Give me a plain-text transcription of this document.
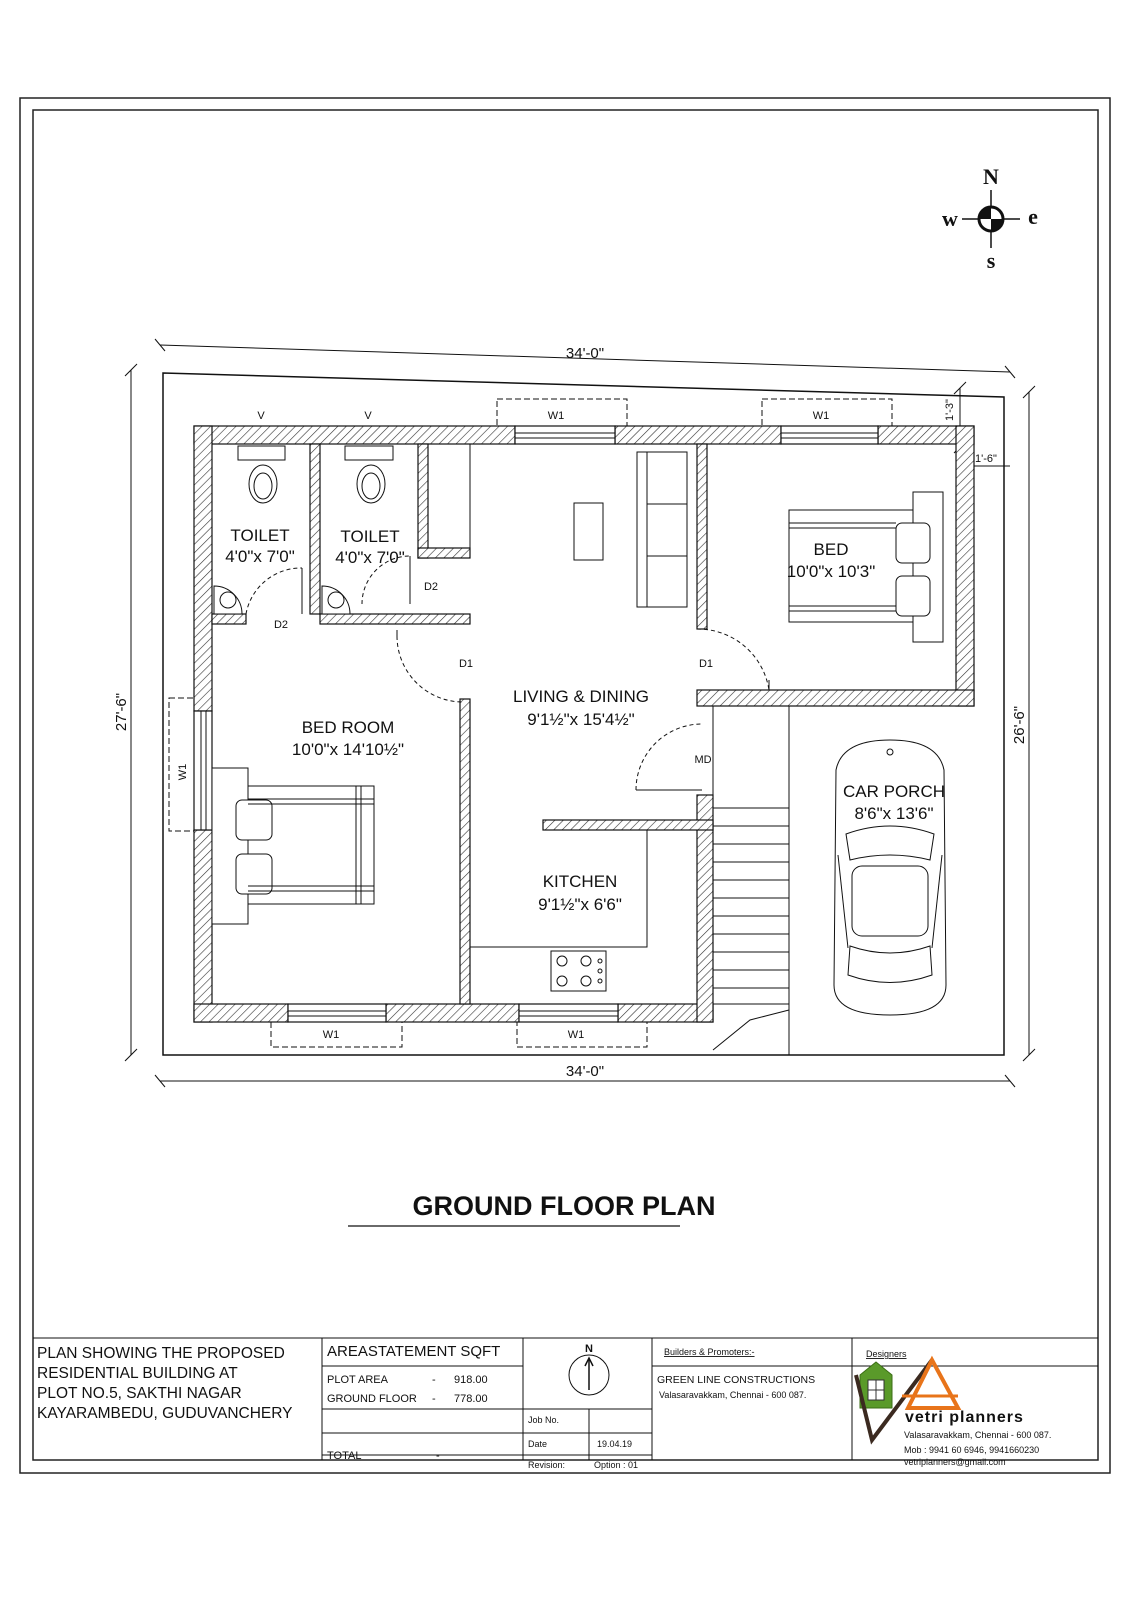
N
s
w	e
34'-0"
34'-0"
27'-6"	26'-6"
1'-3"
1'-6"
TOILET
4'0"x 7'0"
TOILET
4'0"x 7'0"	BED
10'0"x 10'3"
BED ROOM
10'0"x 14'10½"
LIVING & DINING
9'1½"x 15'4½"
KITCHEN
9'1½"x 6'6"
CAR PORCH
8'6"x 13'6"
V	V	W1	W1
W1
W1	W1
D2
D2
D1	D1
MD
GROUND FLOOR PLAN
PLAN SHOWING THE PROPOSED
RESIDENTIAL BUILDING AT
PLOT NO.5, SAKTHI NAGAR
KAYARAMBEDU, GUDUVANCHERY
AREASTATEMENT SQFT
PLOT AREA	- 918.00
GROUND FLOOR - 778.00
TOTAL	-
N
Job No.
Date	19.04.19
Revision:	Option : 01
Builders & Promoters:-
GREEN LINE CONSTRUCTIONS
Valasaravakkam, Chennai - 600 087.
Designers
vetri planners
Valasaravakkam, Chennai - 600 087.
Mob : 9941 60 6946, 9941660230
vetriplanners@gmail.com
